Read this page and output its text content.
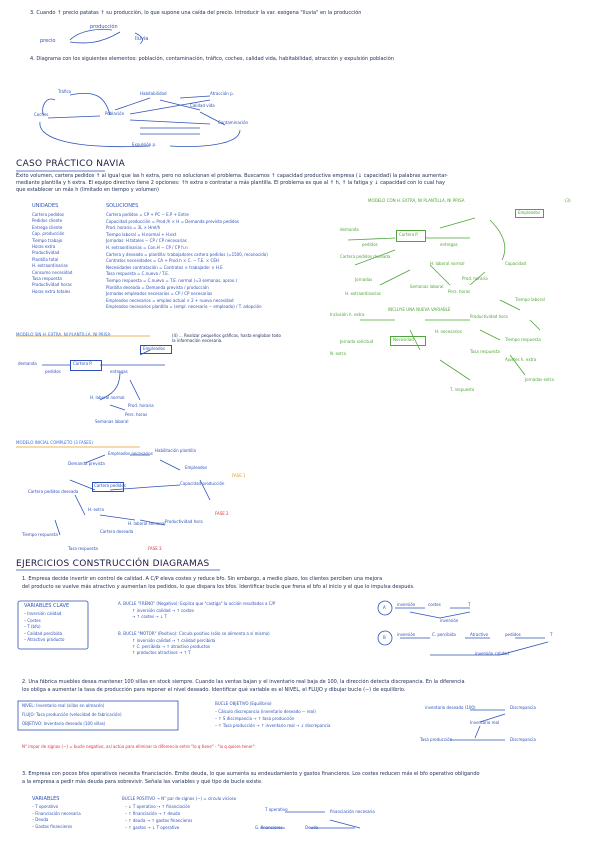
3. Cuando ↑ precio patatas ↑ su producción, lo que supone una caída del precio. Introducir la var. exógena "lluvia" en la producción
producción
precio	lluvia
4. Diagrama con los siguientes elementos: población, contaminación, tráfico, coches, calidad vida, habitabilidad, atracción y expulsión población
Tráfico	Habitabilidad	Atracción p.
Calidad vida
Coches	Población
Contaminación
Expulsión p.
CASO PRÁCTICO NAVIA
Éxito volumen, cartera pedidos ↑ al igual que las h extra, pero no solucionan el problema. Buscamos ↑ capacidad productiva empresa (↓ capacidad) la palabras aumentar-
mediante plantilla y h extra. El equipo directivo tiene 2 opciones: ↑h extra o contratar a más plantilla. El problema es que al ↑ h, ↑ la fatiga y ↓ capacidad con lo cual hay
que establecer un máx h (limitado en tiempo y volumen)
UNIDADES
Cartera pedidos
Pedidos cliente
Entrega cliente
Cap. producción
Tiempo trabajo
Horas extra
Productividad
Plantilla total
H. extraordinarias
Consumo necesidad
Tasa respuesta
Productividad horas
Horas extra totales
SOLUCIONES
Cartera pedidos = CP + PC − E.P + Entre
Capacidad producción = Prod./h × H = Demanda prevista pedidos
Prod. horaria = 3L × Hrel/h
Tiempo laboral = H.normal + H.ext
Jornadas: H.totales − CP / CP necesarias
H. extraordinarias = Con.H − CP / CP h.n
Cartera y deseado = plantilla: trabajadores cartera pedidos (=1500, reconocido)
Contratos necesidades = CA + Prod.h × C. − T.E. × CEH
Necesidades contratación = Contratos × trabajador × H.E
Tasa respuesta = C.nueva / T.E.
Tiempo respuesta = C.nuevo = T.E. normal (=3 semanas, aprox.)
Plantilla deseada = Demanda prevista / producción
Jornadas empleados necesarios = CP / CP necesarias
Empleados necesarios = empleo actual × 2 + nuevo necesidad
Empleados necesarios plantilla = (empl. necesario − empleado) / T. adopción
MODELO CON H. EXTRA, NI PLANTILLA, NI PRISA	(3)
Empleados
demanda
pedidos
Cartera P.
entregas
Capacidad
Cartera pedidos deseada
Jornadas
H. laboral normal
Semanas laboral
Pers. horas
Prod. horaria
H. extraordinarias
Productividad hora
Tiempo laboral
Inclusión h. extra
INCLUYE UNA NUEVA VARIABLE
Necesidad
H. necesarios
Jornada solicitud
N. extra	Tasa respuesta
Tiempo respuesta
T. respuesta
Jornadas extra
Ajustes h. extra
MODELO SIN H. EXTRA, NI PLANTILLA, NI PRISA	(4) ... Realizar pequeños gráficos, hasta englobar todo la información necesaria.
demanda
pedidos
Cartera P.
entregas
Empleados
H. laboral normal
Pers. horas
Prod. horaria
Semanas laboral
MODELO INICIAL COMPLETO (3 FASES)
Demanda prevista
Empleados necesarios
Habilitación plantilla
Empleados
Cartera pedidos deseada
Cartera pedidos	Capacidad producción
H. extra
Tiempo respuesta
Tasa respuesta
Productividad hora
H. laboral semanal
Cartera deseada
FASE 1
FASE 2
FASE 3
EJERCICIOS CONSTRUCCIÓN DIAGRAMAS
1. Empresa decide invertir en control de calidad. A C/P eleva costes y reduce bfo. Sin embargo, a medio plazo, los clientes perciben una mejora
del producto se vuelve más atractivo y aumentan los pedidos, lo que dispara los bfos. Identificar bucle que frena el bfo al inicio y el que lo impulsa después.
VARIABLES CLAVE
– Inversión calidad
– Costes
– T (bfo)
– Calidad percibida
– Atractivo producto
A. BUCLE "FRENO" (Negativo): Explica que "castiga" la acción resultados a C/P
↑ inversión calidad → ↑ costes
→ ↑ costes → ↓ T
B. BUCLE "MOTOR" (Positivo): Circula positivo (sólo se alimenta a sí mismo)
↑ inversión calidad → ↑ calidad percibida
↑ C. percibida → ↑ atractivo productos
↑ productos atractivos → ↑ T
A
B
inversión	costes	T
inversión
inversión	C. percibida	Atractivo	pedidos	T
inversión calidad
2. Una fábrica muebles desea mantener 100 sillas en stock siempre. Cuando las ventas bajan y el inventario real baja de 100, la dirección detecta discrepancia. En la diferencia
los obliga a aumentar la tasa de producción para reponer el nivel deseado. Identificar qué variable es el NIVEL, el FLUJO y dibujar bucle (−) de equilibrio.
NIVEL: Inventario real (sillas en almacén)
FLUJO: Tasa producción (velocidad de fabricación)
OBJETIVO: Inventario deseado (100 sillas)
BUCLE OBJETIVO (Equilibrio)
– Cálculo discrepancia (inventario deseado − real)
– ↑ S discrepancia → ↑ tasa producción
– ↑ Tasa producción → ↑ inventario real → ↓ discrepancia
N° impar de signos (−) = bucle negativo, así actúa para eliminar la diferencia entre "lo q tiene" - "lo q quiere tener"
inventario deseado (100)	Discrepancia
Inventario real
Tasa producción	Discrepancia
3. Empresa con pocos bfos operativos necesita financiación. Emite deuda, lo que aumenta su endeudamiento y gastos financieros. Los costes reducen más el bfo operativo obligando
a la empresa a pedir más deuda para sobrevivir. Señala las variables y qué tipo de bucle existe.
VARIABLES
– T operativo
– Financiación necesaria
– Deuda
– Gastos financieros
BUCLE POSITIVO → N° par de signos (−) = círculo vicioso
– ↓ T operativo → ↑ financiación
– ↑ financiación → ↑ deuda
– ↑ deuda → ↑ gastos financieros
– ↑ gastos → ↓ T operativo
T operativo
G. financieros	Deuda
financiación necesaria
